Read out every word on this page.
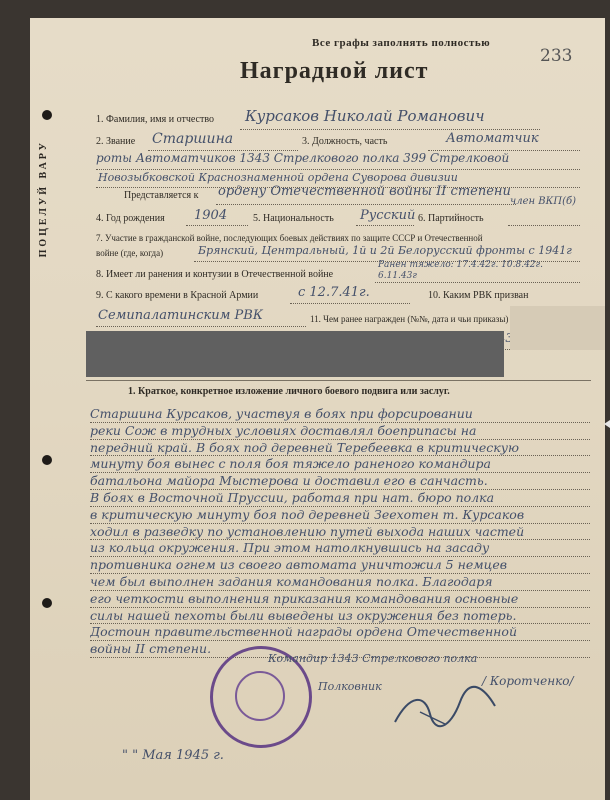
Все графы заполнять полностью
233
Наградной лист
1. Фамилия, имя и отчество Курсаков Николай Романович
2. Звание Старшина	3. Должность, часть	Автоматчик
роты Автоматчиков 1343 Стрелкового полка 399 Стрелковой
Новозыбковской Краснознаменной ордена Суворова дивизии
Представляется к ордену Отечественной войны II степени
4. Год рождения 1904	5. Национальность Русский 6. Партийность
член ВКП(б)
7. Участие в гражданской войне, последующих боевых действиях по защите СССР и Отечественной
войне (где, когда)	Брянский, Центральный, 1й и 2й Белорусский фронты с 1941г
8. Имеет ли ранения и контузии в Отечественной войне
Ранен тяжело: 17.4.42г. 10.8.42г. 6.11.43г
9. С какого времени в Красной Армии	с 12.7.41г.	10. Каким РВК призван
Семипалатинским РВК	11. Чем ранее награжден (№№, дата и чьи приказы)
1. Краткое, конкретное изложение личного боевого подвига или заслуг.
Старшина Курсаков, участвуя в боях при форсировании
реки Сож в трудных условиях доставлял боеприпасы на
передний край. В боях под деревней Теребеевка в критическую
минуту боя вынес с поля боя тяжело раненого командира
батальона майора Мыстерова и доставил его в санчасть.
В боях в Восточной Пруссии, работая при нат. бюро полка
в критическую минуту боя под деревней Зеехотен т. Курсаков
ходил в разведку по установлению путей выхода наших частей
из кольца окружения. При этом натолкнувшись на засаду
противника огнем из своего автомата уничтожил 5 немцев
чем был выполнен задания командования полка. Благодаря
его четкости выполнения приказания командования основные
силы нашей пехоты были выведены из окружения без потерь.
Достоин правительственной награды ордена Отечественной
войны II степени.
Командир 1343 Стрелкового полка
Полковник	/ Коротченко/
" " Мая 1945 г.
ПОЦЕЛУЙ ВАРУ
